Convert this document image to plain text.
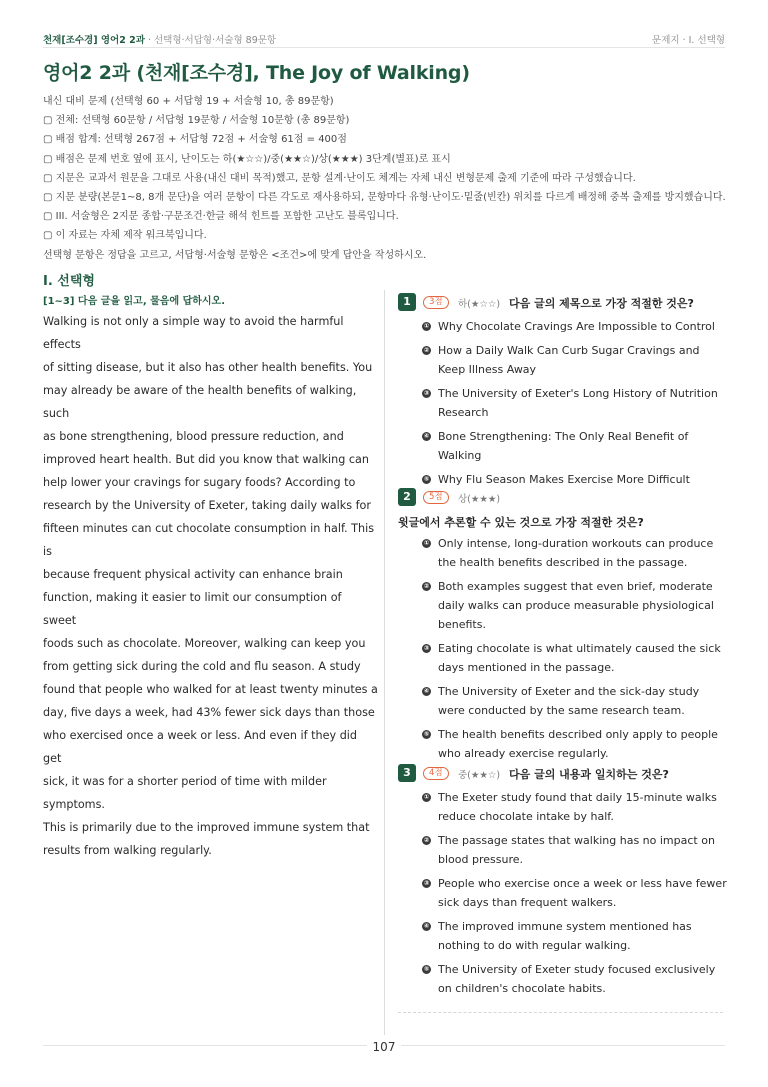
천재[조수경] 영어2 2과 · 선택형·서답형·서술형 89문항	문제지 · I. 선택형
영어2 2과 (천재[조수경], The Joy of Walking)
내신 대비 문제 (선택형 60 + 서답형 19 + 서술형 10, 총 89문항)
▢ 전체: 선택형 60문항 / 서답형 19문항 / 서술형 10문항 (총 89문항)
▢ 배점 합계: 선택형 267점 + 서답형 72점 + 서술형 61점 = 400점
▢ 배점은 문제 번호 옆에 표시, 난이도는 하(★☆☆)/중(★★☆)/상(★★★) 3단계(별표)로 표시
▢ 지문은 교과서 원문을 그대로 사용(내신 대비 목적)했고, 문항 설계·난이도 체계는 자체 내신 변형문제 출제 기준에 따라 구성했습니다.
▢ 지문 분량(본문1~8, 8개 문단)을 여러 문항이 다른 각도로 재사용하되, 문항마다 유형·난이도·밑줄(빈칸) 위치를 다르게 배정해 중복 출제를 방지했습니다.
▢ III. 서술형은 2지문 종합·구문조건·한글 해석 힌트를 포함한 고난도 블록입니다.
▢ 이 자료는 자체 제작 워크북입니다.
선택형 문항은 정답을 고르고, 서답형·서술형 문항은 <조건>에 맞게 답안을 작성하시오.
I. 선택형
[1~3] 다음 글을 읽고, 물음에 답하시오.
Walking is not only a simple way to avoid the harmful effects
of sitting disease, but it also has other health benefits. You
may already be aware of the health benefits of walking, such
as bone strengthening, blood pressure reduction, and
improved heart health. But did you know that walking can
help lower your cravings for sugary foods? According to
research by the University of Exeter, taking daily walks for
fifteen minutes can cut chocolate consumption in half. This is
because frequent physical activity can enhance brain
function, making it easier to limit our consumption of sweet
foods such as chocolate. Moreover, walking can keep you
from getting sick during the cold and flu season. A study
found that people who walked for at least twenty minutes a
day, five days a week, had 43% fewer sick days than those
who exercised once a week or less. And even if they did get
sick, it was for a shorter period of time with milder symptoms.
This is primarily due to the improved immune system that
results from walking regularly.
1	3점	하(★☆☆) 다음 글의 제목으로 가장 적절한 것은?
① Why Chocolate Cravings Are Impossible to Control
② How a Daily Walk Can Curb Sugar Cravings and Keep Illness Away
③ The University of Exeter's Long History of Nutrition Research
④ Bone Strengthening: The Only Real Benefit of Walking
⑤ Why Flu Season Makes Exercise More Difficult
2	5점	상(★★★)
윗글에서 추론할 수 있는 것으로 가장 적절한 것은?
① Only intense, long-duration workouts can produce the health benefits described in the passage.
② Both examples suggest that even brief, moderate daily walks can produce measurable physiological benefits.
③ Eating chocolate is what ultimately caused the sick days mentioned in the passage.
④ The University of Exeter and the sick-day study were conducted by the same research team.
⑤ The health benefits described only apply to people who already exercise regularly.
3	4점	중(★★☆) 다음 글의 내용과 일치하는 것은?
① The Exeter study found that daily 15-minute walks reduce chocolate intake by half.
② The passage states that walking has no impact on blood pressure.
③ People who exercise once a week or less have fewer sick days than frequent walkers.
④ The improved immune system mentioned has nothing to do with regular walking.
⑤ The University of Exeter study focused exclusively on children's chocolate habits.
107
